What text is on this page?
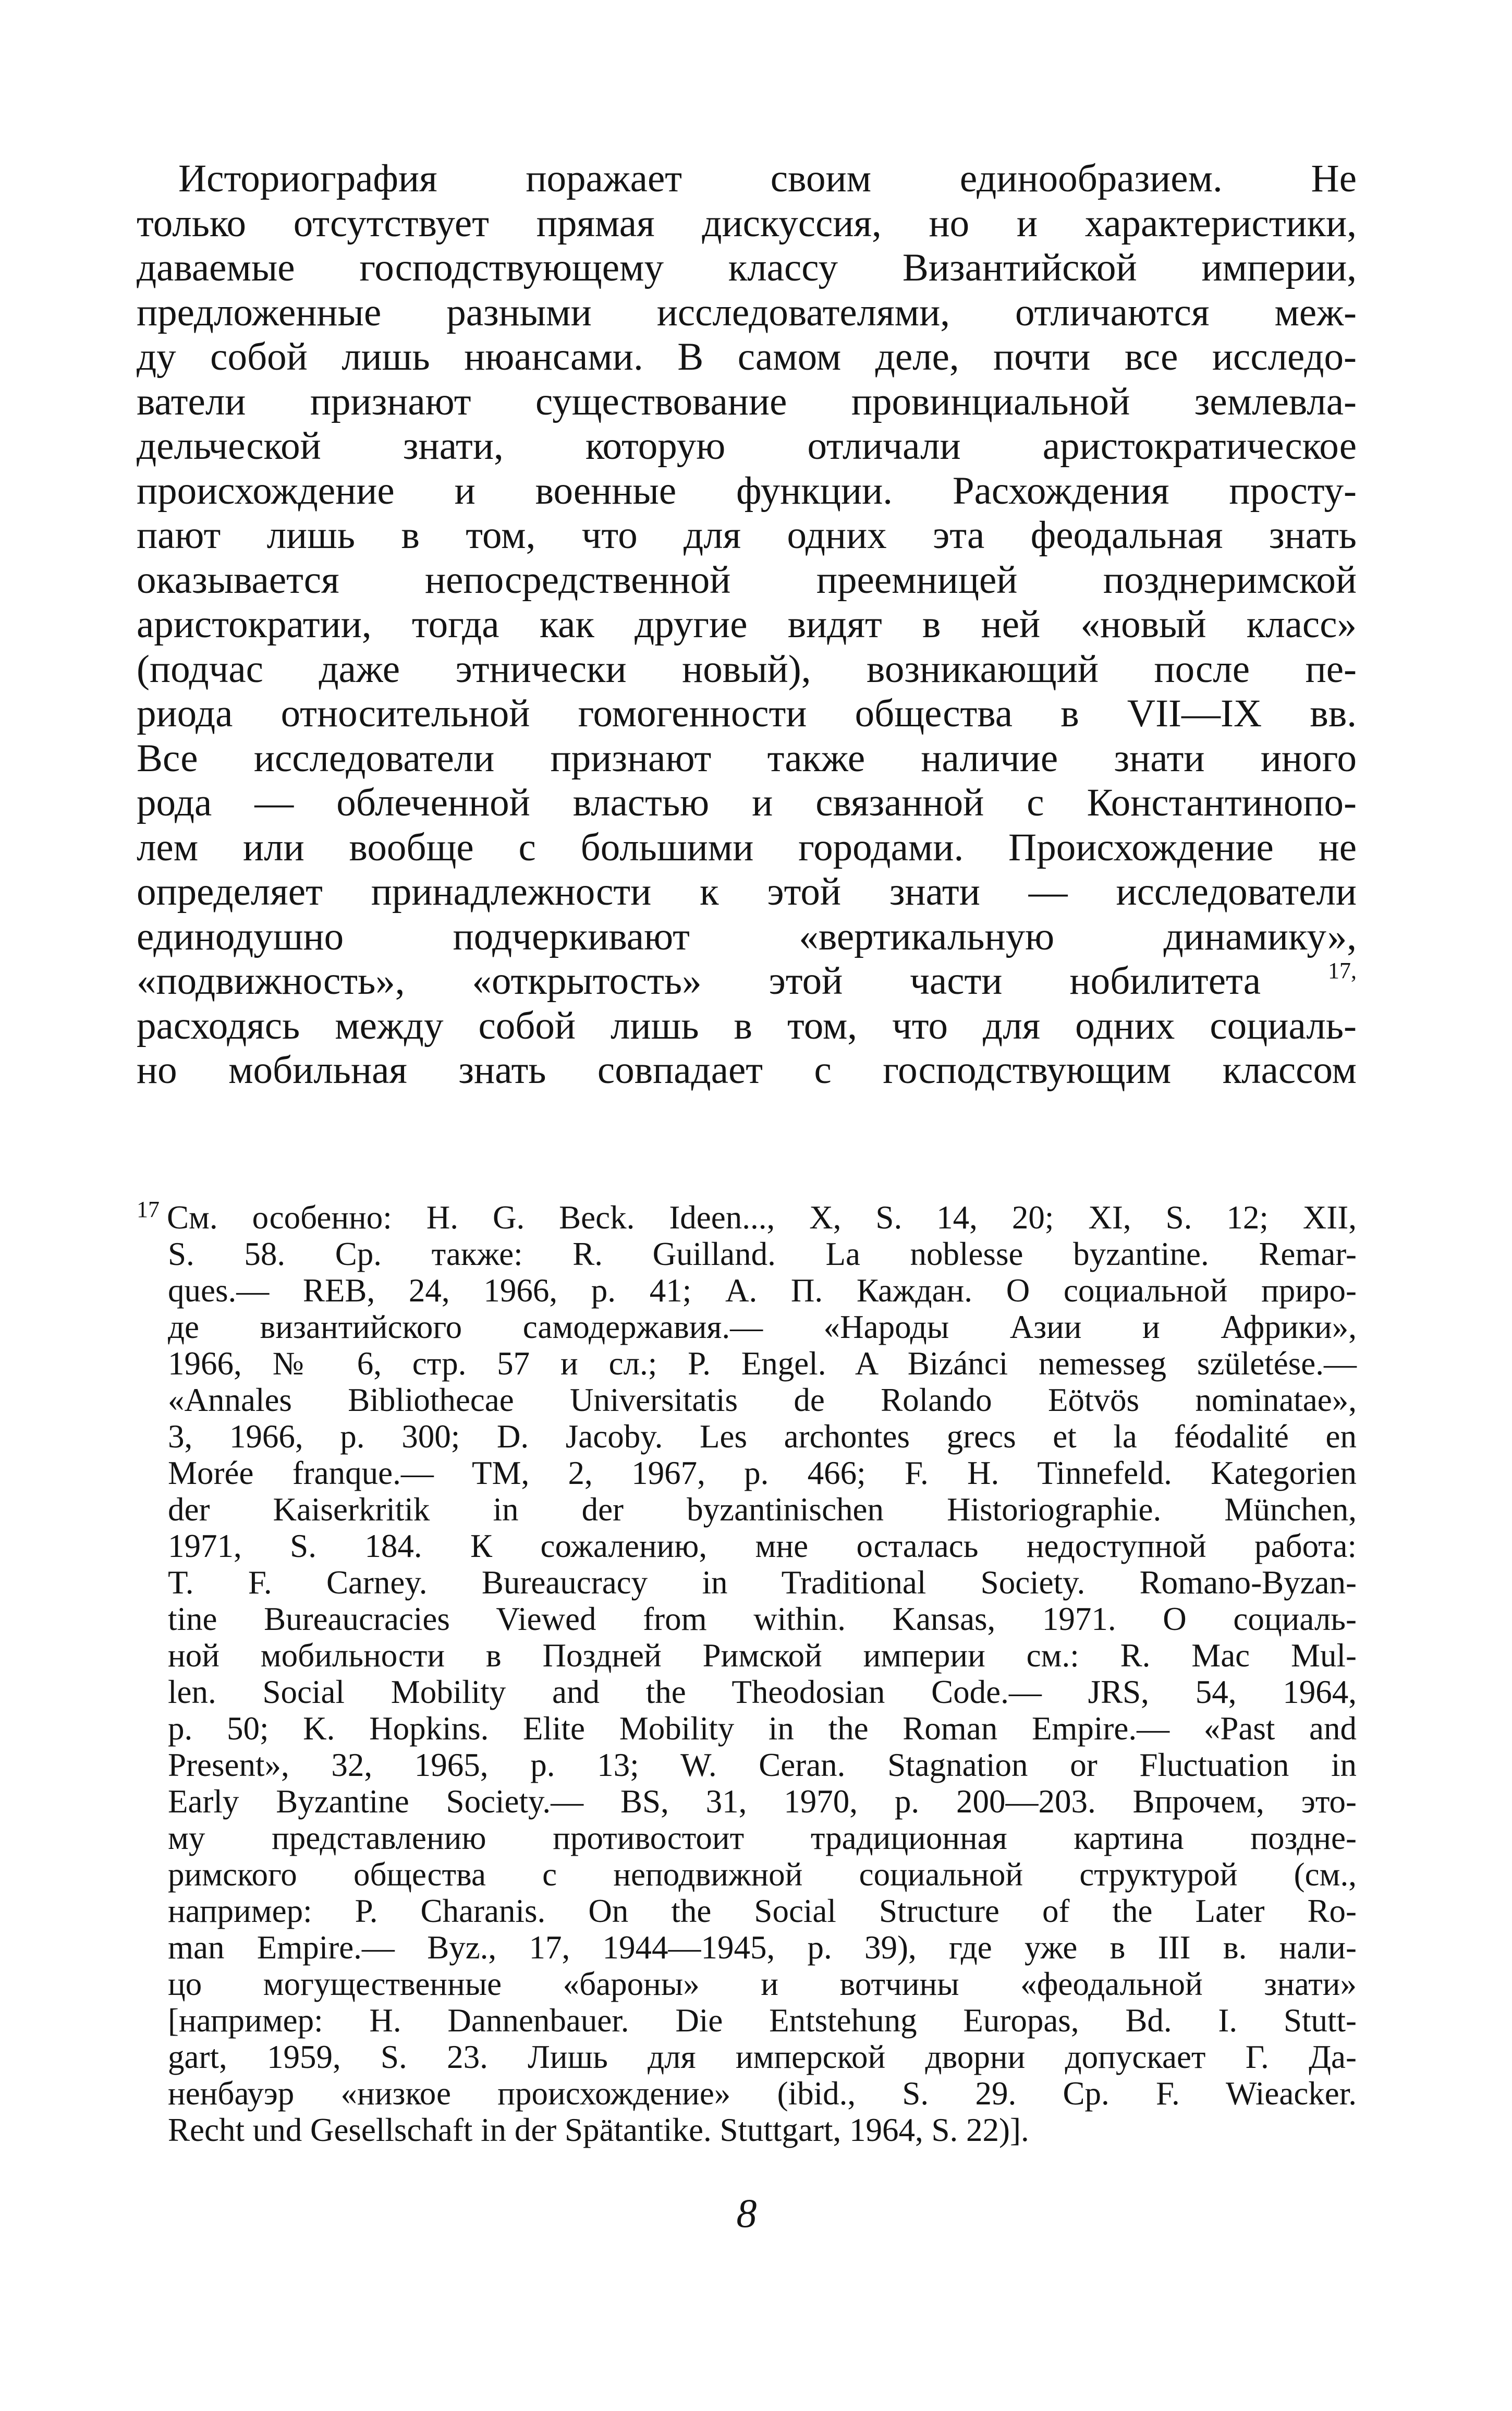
Историография поражает своим единообразием. Не
только отсутствует прямая дискуссия, но и характеристики,
даваемые господствующему классу Византийской империи,
предложенные разными исследователями, отличаются меж-
ду собой лишь нюансами. В самом деле, почти все исследо-
ватели признают существование провинциальной землевла-
дельческой знати, которую отличали аристократическое
происхождение и военные функции. Расхождения просту-
пают лишь в том, что для одних эта феодальная знать
оказывается непосредственной преемницей позднеримской
аристократии, тогда как другие видят в ней «новый класс»
(подчас даже этнически новый), возникающий после пе-
риода относительной гомогенности общества в VII—IX вв.
Все исследователи признают также наличие знати иного
рода — облеченной властью и связанной с Константинопо-
лем или вообще с большими городами. Происхождение не
определяет принадлежности к этой знати — исследователи
единодушно подчеркивают «вертикальную динамику»,
«подвижность», «открытость» этой части нобилитета	$^{17,}$
расходясь между собой лишь в том, что для одних социаль-
но мобильная знать совпадает с господствующим классом
$^{17}$ См. особенно: H. G. Beck. Ideen..., X, S. 14, 20; XI, S. 12; XII,
S. 58. Ср. также: R. Guilland. La noblesse byzantine. Remar-
ques.— REB, 24, 1966, p. 41; А. П. Каждан. О социальной приро-
де византийского самодержавия.— «Народы Азии и Африки»,
1966, № 6, стр. 57 и сл.; P. Engel. A Bizánci nemesseg születése.—
«Annales Bibliothecae Universitatis de Rolando Eötvös nominatae»,
3, 1966, p. 300; D. Jacoby. Les archontes grecs et la féodalité en
Morée franque.— TM, 2, 1967, p. 466; F. H. Tinnefeld. Kategorien
der Kaiserkritik in der byzantinischen Historiographie. München,
1971, S. 184. К сожалению, мне осталась недоступной работа:
T. F. Carney. Bureaucracy in Traditional Society. Romano-Byzan-
tine Bureaucracies Viewed from within. Kansas, 1971. О социаль-
ной мобильности в Поздней Римской империи см.: R. Mac Mul-
len. Social Mobility and the Theodosian Code.— JRS, 54, 1964,
p. 50; K. Hopkins. Elite Mobility in the Roman Empire.— «Past and
Present», 32, 1965, p. 13; W. Ceran. Stagnation or Fluctuation in
Early Byzantine Society.— BS, 31, 1970, p. 200—203. Впрочем, это-
му представлению противостоит традиционная картина поздне-
римского общества с неподвижной социальной структурой (см.,
например: P. Charanis. On the Social Structure of the Later Ro-
man Empire.— Byz., 17, 1944—1945, p. 39), где уже в III в. нали-
цо могущественные «бароны» и вотчины «феодальной знати»
[например: H. Dannenbauer. Die Entstehung Europas, Bd. I. Stutt-
gart, 1959, S. 23. Лишь для имперской дворни допускает Г. Да-
ненбауэр «низкое происхождение» (ibid., S. 29. Ср. F. Wieacker.
Recht und Gesellschaft in der Spätantike. Stuttgart, 1964, S. 22)].
8
